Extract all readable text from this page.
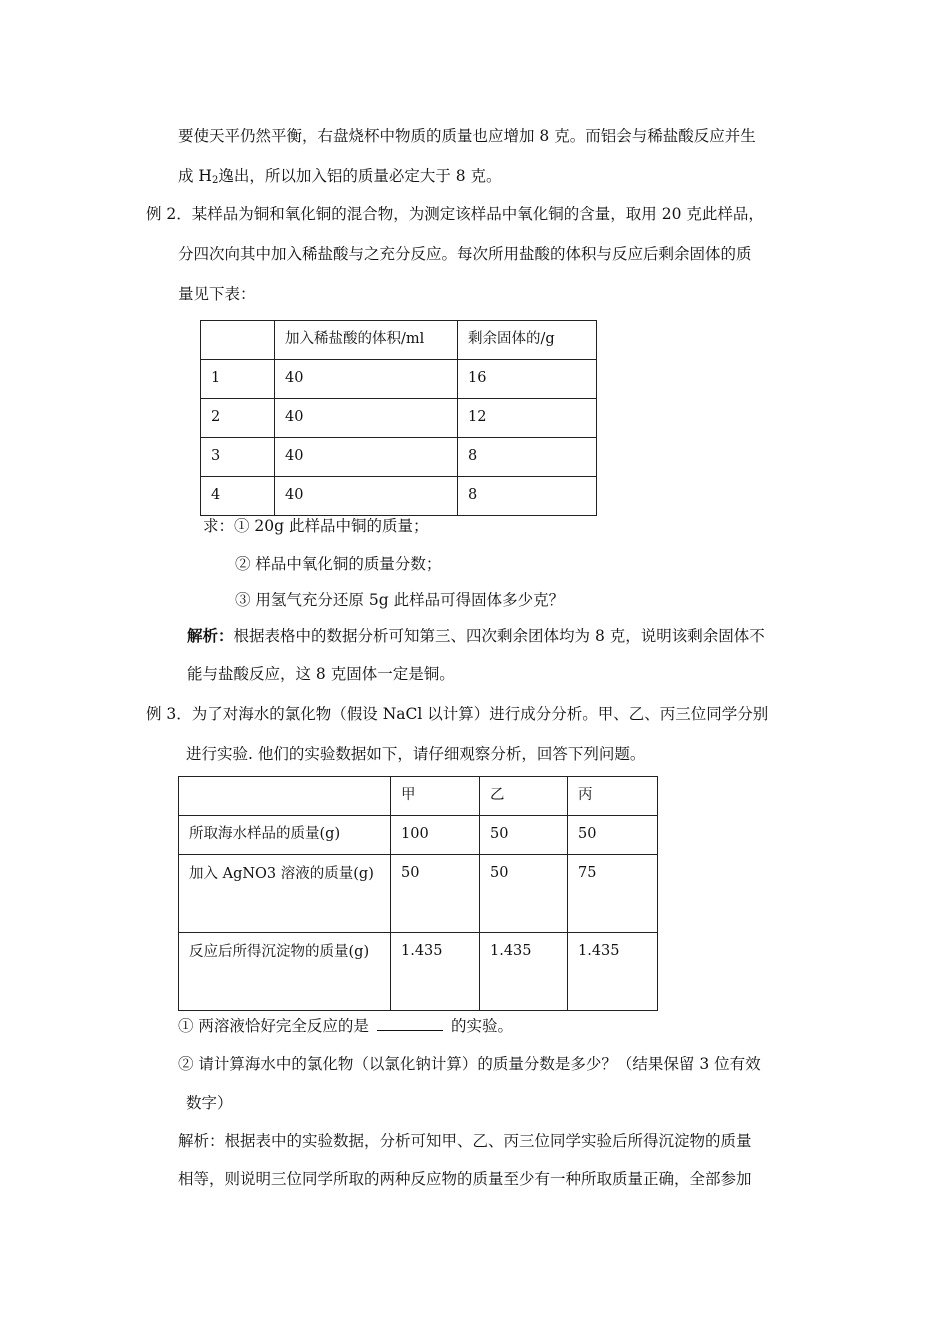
要使天平仍然平衡，右盘烧杯中物质的质量也应增加 8 克。而铝会与稀盐酸反应并生
成 $H_2$逸出，所以加入铝的质量必定大于 8 克。
例 2．某样品为铜和氧化铜的混合物，为测定该样品中氧化铜的含量，取用 20 克此样品，
分四次向其中加入稀盐酸与之充分反应。每次所用盐酸的体积与反应后剩余固体的质
量见下表：
	加入稀盐酸的体积/ml	剩余固体的/g
1	40	16
2	40	12
3	40	8
4	40	8
求：① 20g 此样品中铜的质量；
② 样品中氧化铜的质量分数；
③ 用氢气充分还原 5g 此样品可得固体多少克？
解析：根据表格中的数据分析可知第三、四次剩余团体均为 8 克，说明该剩余固体不
能与盐酸反应，这 8 克固体一定是铜。
例 3．为了对海水的氯化物（假设 NaCl 以计算）进行成分分析。甲、乙、丙三位同学分别
进行实验. 他们的实验数据如下，请仔细观察分析，回答下列问题。
	甲	乙	丙
所取海水样品的质量(g)	100	50	50
加入 AgNO3 溶液的质量(g)	50	50	75
反应后所得沉淀物的质量(g)	1.435	1.435	1.435
① 两溶液恰好完全反应的是	的实验。
② 请计算海水中的氯化物（以氯化钠计算）的质量分数是多少？（结果保留 3 位有效
数字）
解析：根据表中的实验数据，分析可知甲、乙、丙三位同学实验后所得沉淀物的质量
相等，则说明三位同学所取的两种反应物的质量至少有一种所取质量正确，全部参加
